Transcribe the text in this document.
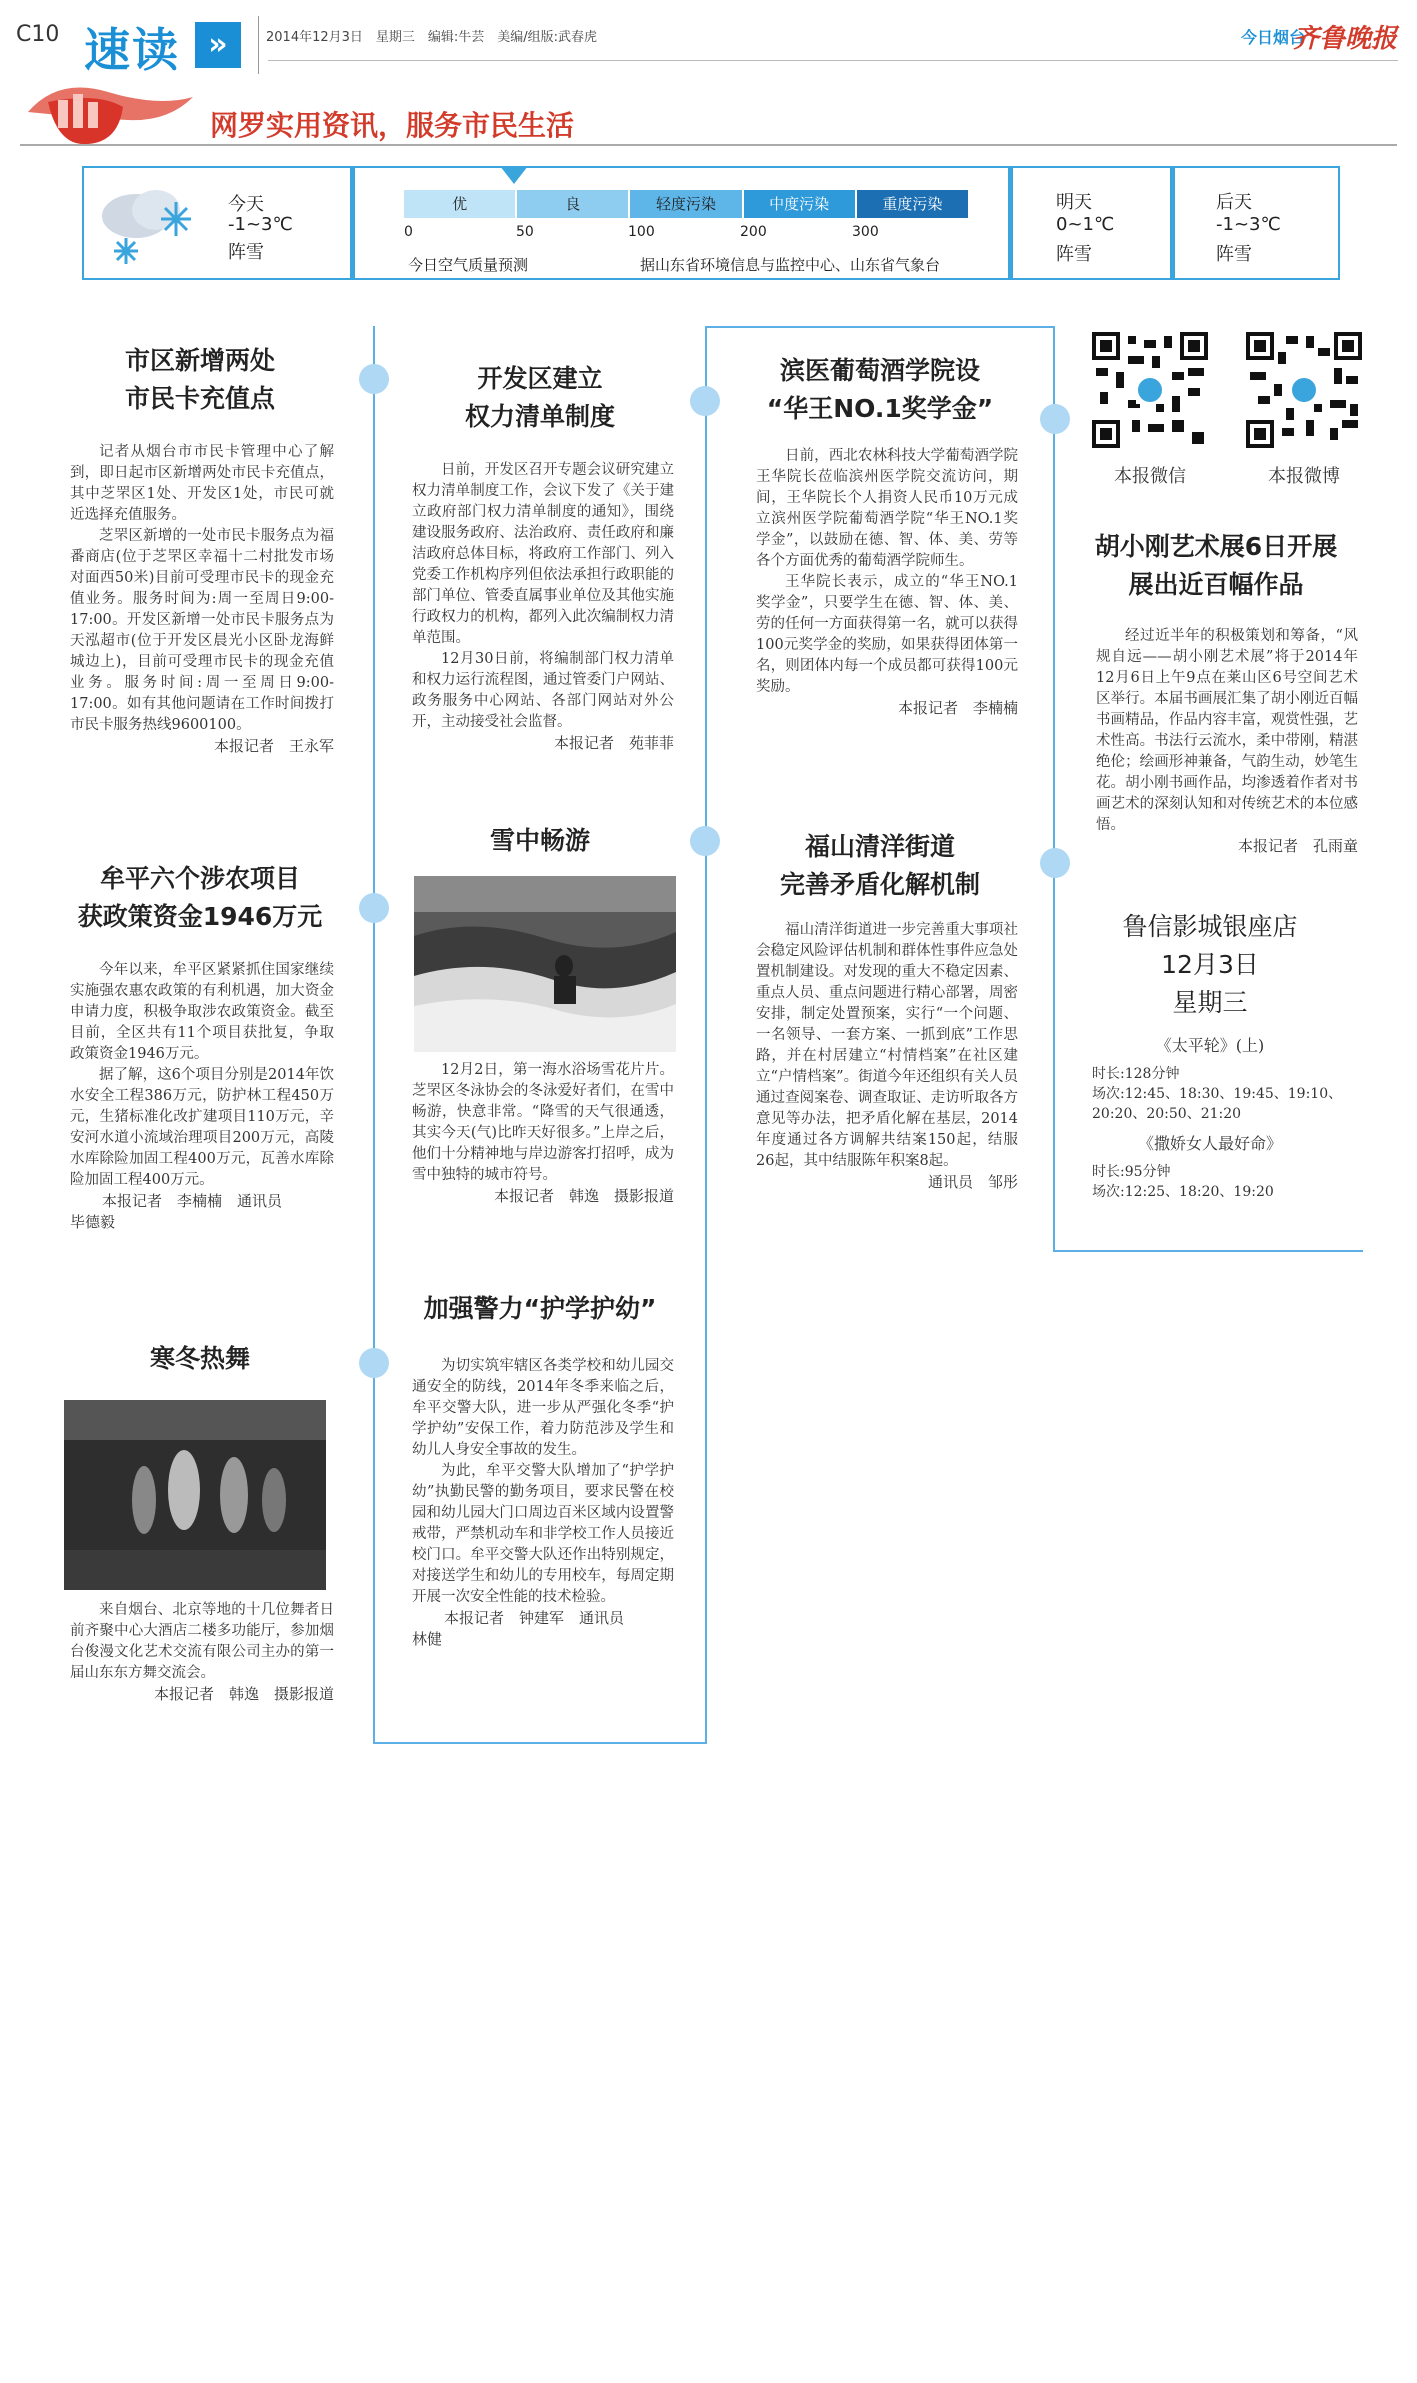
C10 速读 »	2014年12月3日　星期三　编辑:牛芸　美编/组版:武春虎	今日烟台
齐鲁晚报
网罗实用资讯，服务市民生活
今天
-1~3℃
阵雪
优	良	轻度污染	中度污染	重度污染
0	50	100	200	300
今日空气质量预测	据山东省环境信息与监控中心、山东省气象台
明天
0~1℃
阵雪
后天
-1~3℃
阵雪
市区新增两处
市民卡充值点
记者从烟台市市民卡管理中心了解到，即日起市区新增两处市民卡充值点，其中芝罘区1处、开发区1处，市民可就近选择充值服务。
芝罘区新增的一处市民卡服务点为福番商店(位于芝罘区幸福十二村批发市场对面西50米)目前可受理市民卡的现金充值业务。服务时间为:周一至周日9:00-17:00。开发区新增一处市民卡服务点为天泓超市(位于开发区晨光小区卧龙海鲜城边上)，目前可受理市民卡的现金充值业务。服务时间:周一至周日9:00-17:00。如有其他问题请在工作时间拨打市民卡服务热线9600100。
本报记者　王永军
牟平六个涉农项目
获政策资金1946万元
今年以来，牟平区紧紧抓住国家继续实施强农惠农政策的有利机遇，加大资金申请力度，积极争取涉农政策资金。截至目前，全区共有11个项目获批复，争取政策资金1946万元。
据了解，这6个项目分别是2014年饮水安全工程386万元，防护林工程450万元，生猪标准化改扩建项目110万元，辛安河水道小流域治理项目200万元，高陵水库除险加固工程400万元，瓦善水库除险加固工程400万元。
本报记者　李楠楠　通讯员
毕德毅
寒冬热舞
来自烟台、北京等地的十几位舞者日前齐聚中心大酒店二楼多功能厅，参加烟台俊漫文化艺术交流有限公司主办的第一届山东东方舞交流会。
本报记者　韩逸　摄影报道
开发区建立
权力清单制度
日前，开发区召开专题会议研究建立权力清单制度工作，会议下发了《关于建立政府部门权力清单制度的通知》，围绕建设服务政府、法治政府、责任政府和廉洁政府总体目标，将政府工作部门、列入党委工作机构序列但依法承担行政职能的部门单位、管委直属事业单位及其他实施行政权力的机构，都列入此次编制权力清单范围。
12月30日前，将编制部门权力清单和权力运行流程图，通过管委门户网站、政务服务中心网站、各部门网站对外公开，主动接受社会监督。
本报记者　苑菲菲
雪中畅游
12月2日，第一海水浴场雪花片片。芝罘区冬泳协会的冬泳爱好者们，在雪中畅游，快意非常。“降雪的天气很通透，其实今天(气)比昨天好很多。”上岸之后，他们十分精神地与岸边游客打招呼，成为雪中独特的城市符号。
本报记者　韩逸　摄影报道
加强警力“护学护幼”
为切实筑牢辖区各类学校和幼儿园交通安全的防线，2014年冬季来临之后，牟平交警大队，进一步从严强化冬季“护学护幼”安保工作，着力防范涉及学生和幼儿人身安全事故的发生。
为此，牟平交警大队增加了“护学护幼”执勤民警的勤务项目，要求民警在校园和幼儿园大门口周边百米区域内设置警戒带，严禁机动车和非学校工作人员接近校门口。牟平交警大队还作出特别规定，对接送学生和幼儿的专用校车，每周定期开展一次安全性能的技术检验。
本报记者　钟建军　通讯员
林健
滨医葡萄酒学院设
“华王NO.1奖学金”
日前，西北农林科技大学葡萄酒学院王华院长莅临滨州医学院交流访问，期间，王华院长个人捐资人民币10万元成立滨州医学院葡萄酒学院“华王NO.1奖学金”，以鼓励在德、智、体、美、劳等各个方面优秀的葡萄酒学院师生。
王华院长表示，成立的“华王NO.1奖学金”，只要学生在德、智、体、美、劳的任何一方面获得第一名，就可以获得100元奖学金的奖励，如果获得团体第一名，则团体内每一个成员都可获得100元奖励。
本报记者　李楠楠
福山清洋街道
完善矛盾化解机制
福山清洋街道进一步完善重大事项社会稳定风险评估机制和群体性事件应急处置机制建设。对发现的重大不稳定因素、重点人员、重点问题进行精心部署，周密安排，制定处置预案，实行“一个问题、一名领导、一套方案、一抓到底”工作思路，并在村居建立“村情档案”在社区建立“户情档案”。街道今年还组织有关人员通过查阅案卷、调查取证、走访听取各方意见等办法，把矛盾化解在基层，2014年度通过各方调解共结案150起，结服26起，其中结服陈年积案8起。
通讯员　邹彤
本报微信	本报微博
胡小刚艺术展6日开展
展出近百幅作品
经过近半年的积极策划和筹备，“风规自远——胡小刚艺术展”将于2014年12月6日上午9点在莱山区6号空间艺术区举行。本届书画展汇集了胡小刚近百幅书画精品，作品内容丰富，观赏性强，艺术性高。书法行云流水，柔中带刚，精湛绝伦；绘画形神兼备，气韵生动，妙笔生花。胡小刚书画作品，均渗透着作者对书画艺术的深刻认知和对传统艺术的本位感悟。
本报记者　孔雨童
鲁信影城银座店
12月3日
星期三
《太平轮》(上)
时长:128分钟
场次:12:45、18:30、19:45、19:10、20:20、20:50、21:20
《撒娇女人最好命》
时长:95分钟
场次:12:25、18:20、19:20
